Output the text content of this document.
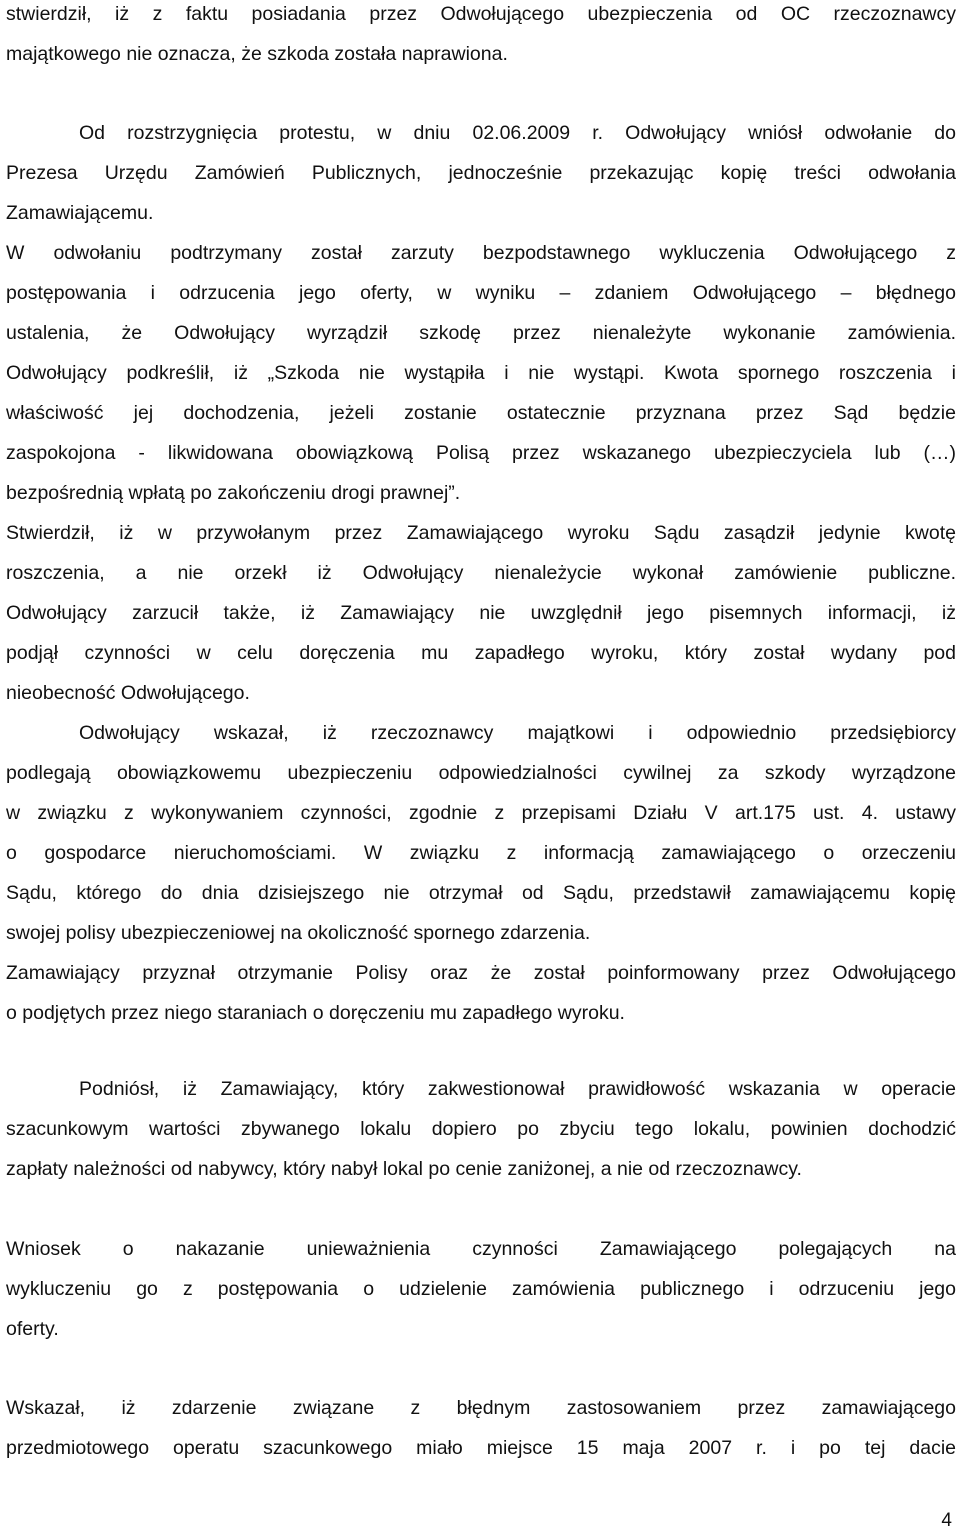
stwierdził, iż z faktu posiadania przez Odwołującego ubezpieczenia od OC rzeczoznawcy
majątkowego nie oznacza, że szkoda została naprawiona.
Od rozstrzygnięcia protestu, w dniu 02.06.2009 r. Odwołujący wniósł odwołanie do
Prezesa Urzędu Zamówień Publicznych, jednocześnie przekazując kopię treści odwołania
Zamawiającemu.
W odwołaniu podtrzymany został zarzuty bezpodstawnego wykluczenia Odwołującego z
postępowania i odrzucenia jego oferty, w wyniku – zdaniem Odwołującego – błędnego
ustalenia, że Odwołujący wyrządził szkodę przez nienależyte wykonanie zamówienia.
Odwołujący podkreślił, iż „Szkoda nie wystąpiła i nie wystąpi. Kwota spornego roszczenia i
właściwość jej dochodzenia, jeżeli zostanie ostatecznie przyznana przez Sąd będzie
zaspokojona - likwidowana obowiązkową Polisą przez wskazanego ubezpieczyciela lub (…)
bezpośrednią wpłatą po zakończeniu drogi prawnej”.
Stwierdził, iż w przywołanym przez Zamawiającego wyroku Sądu zasądził jedynie kwotę
roszczenia, a nie orzekł iż Odwołujący nienależycie wykonał zamówienie publiczne.
Odwołujący zarzucił także, iż Zamawiający nie uwzględnił jego pisemnych informacji, iż
podjął czynności w celu doręczenia mu zapadłego wyroku, który został wydany pod
nieobecność Odwołującego.
Odwołujący wskazał, iż rzeczoznawcy majątkowi i odpowiednio przedsiębiorcy
podlegają obowiązkowemu ubezpieczeniu odpowiedzialności cywilnej za szkody wyrządzone
w związku z wykonywaniem czynności, zgodnie z przepisami Działu V art.175 ust. 4. ustawy
o gospodarce nieruchomościami. W związku z informacją zamawiającego o orzeczeniu
Sądu, którego do dnia dzisiejszego nie otrzymał od Sądu, przedstawił zamawiającemu kopię
swojej polisy ubezpieczeniowej na okoliczność spornego zdarzenia.
Zamawiający przyznał otrzymanie Polisy oraz że został poinformowany przez Odwołującego
o podjętych przez niego staraniach o doręczeniu mu zapadłego wyroku.
Podniósł, iż Zamawiający, który zakwestionował prawidłowość wskazania w operacie
szacunkowym wartości zbywanego lokalu dopiero po zbyciu tego lokalu, powinien dochodzić
zapłaty należności od nabywcy, który nabył lokal po cenie zaniżonej, a nie od rzeczoznawcy.
Wniosek o nakazanie unieważnienia czynności Zamawiającego polegających na
wykluczeniu go z postępowania o udzielenie zamówienia publicznego i odrzuceniu jego
oferty.
Wskazał, iż zdarzenie związane z błędnym zastosowaniem przez zamawiającego
przedmiotowego operatu szacunkowego miało miejsce 15 maja 2007 r. i po tej dacie
4
